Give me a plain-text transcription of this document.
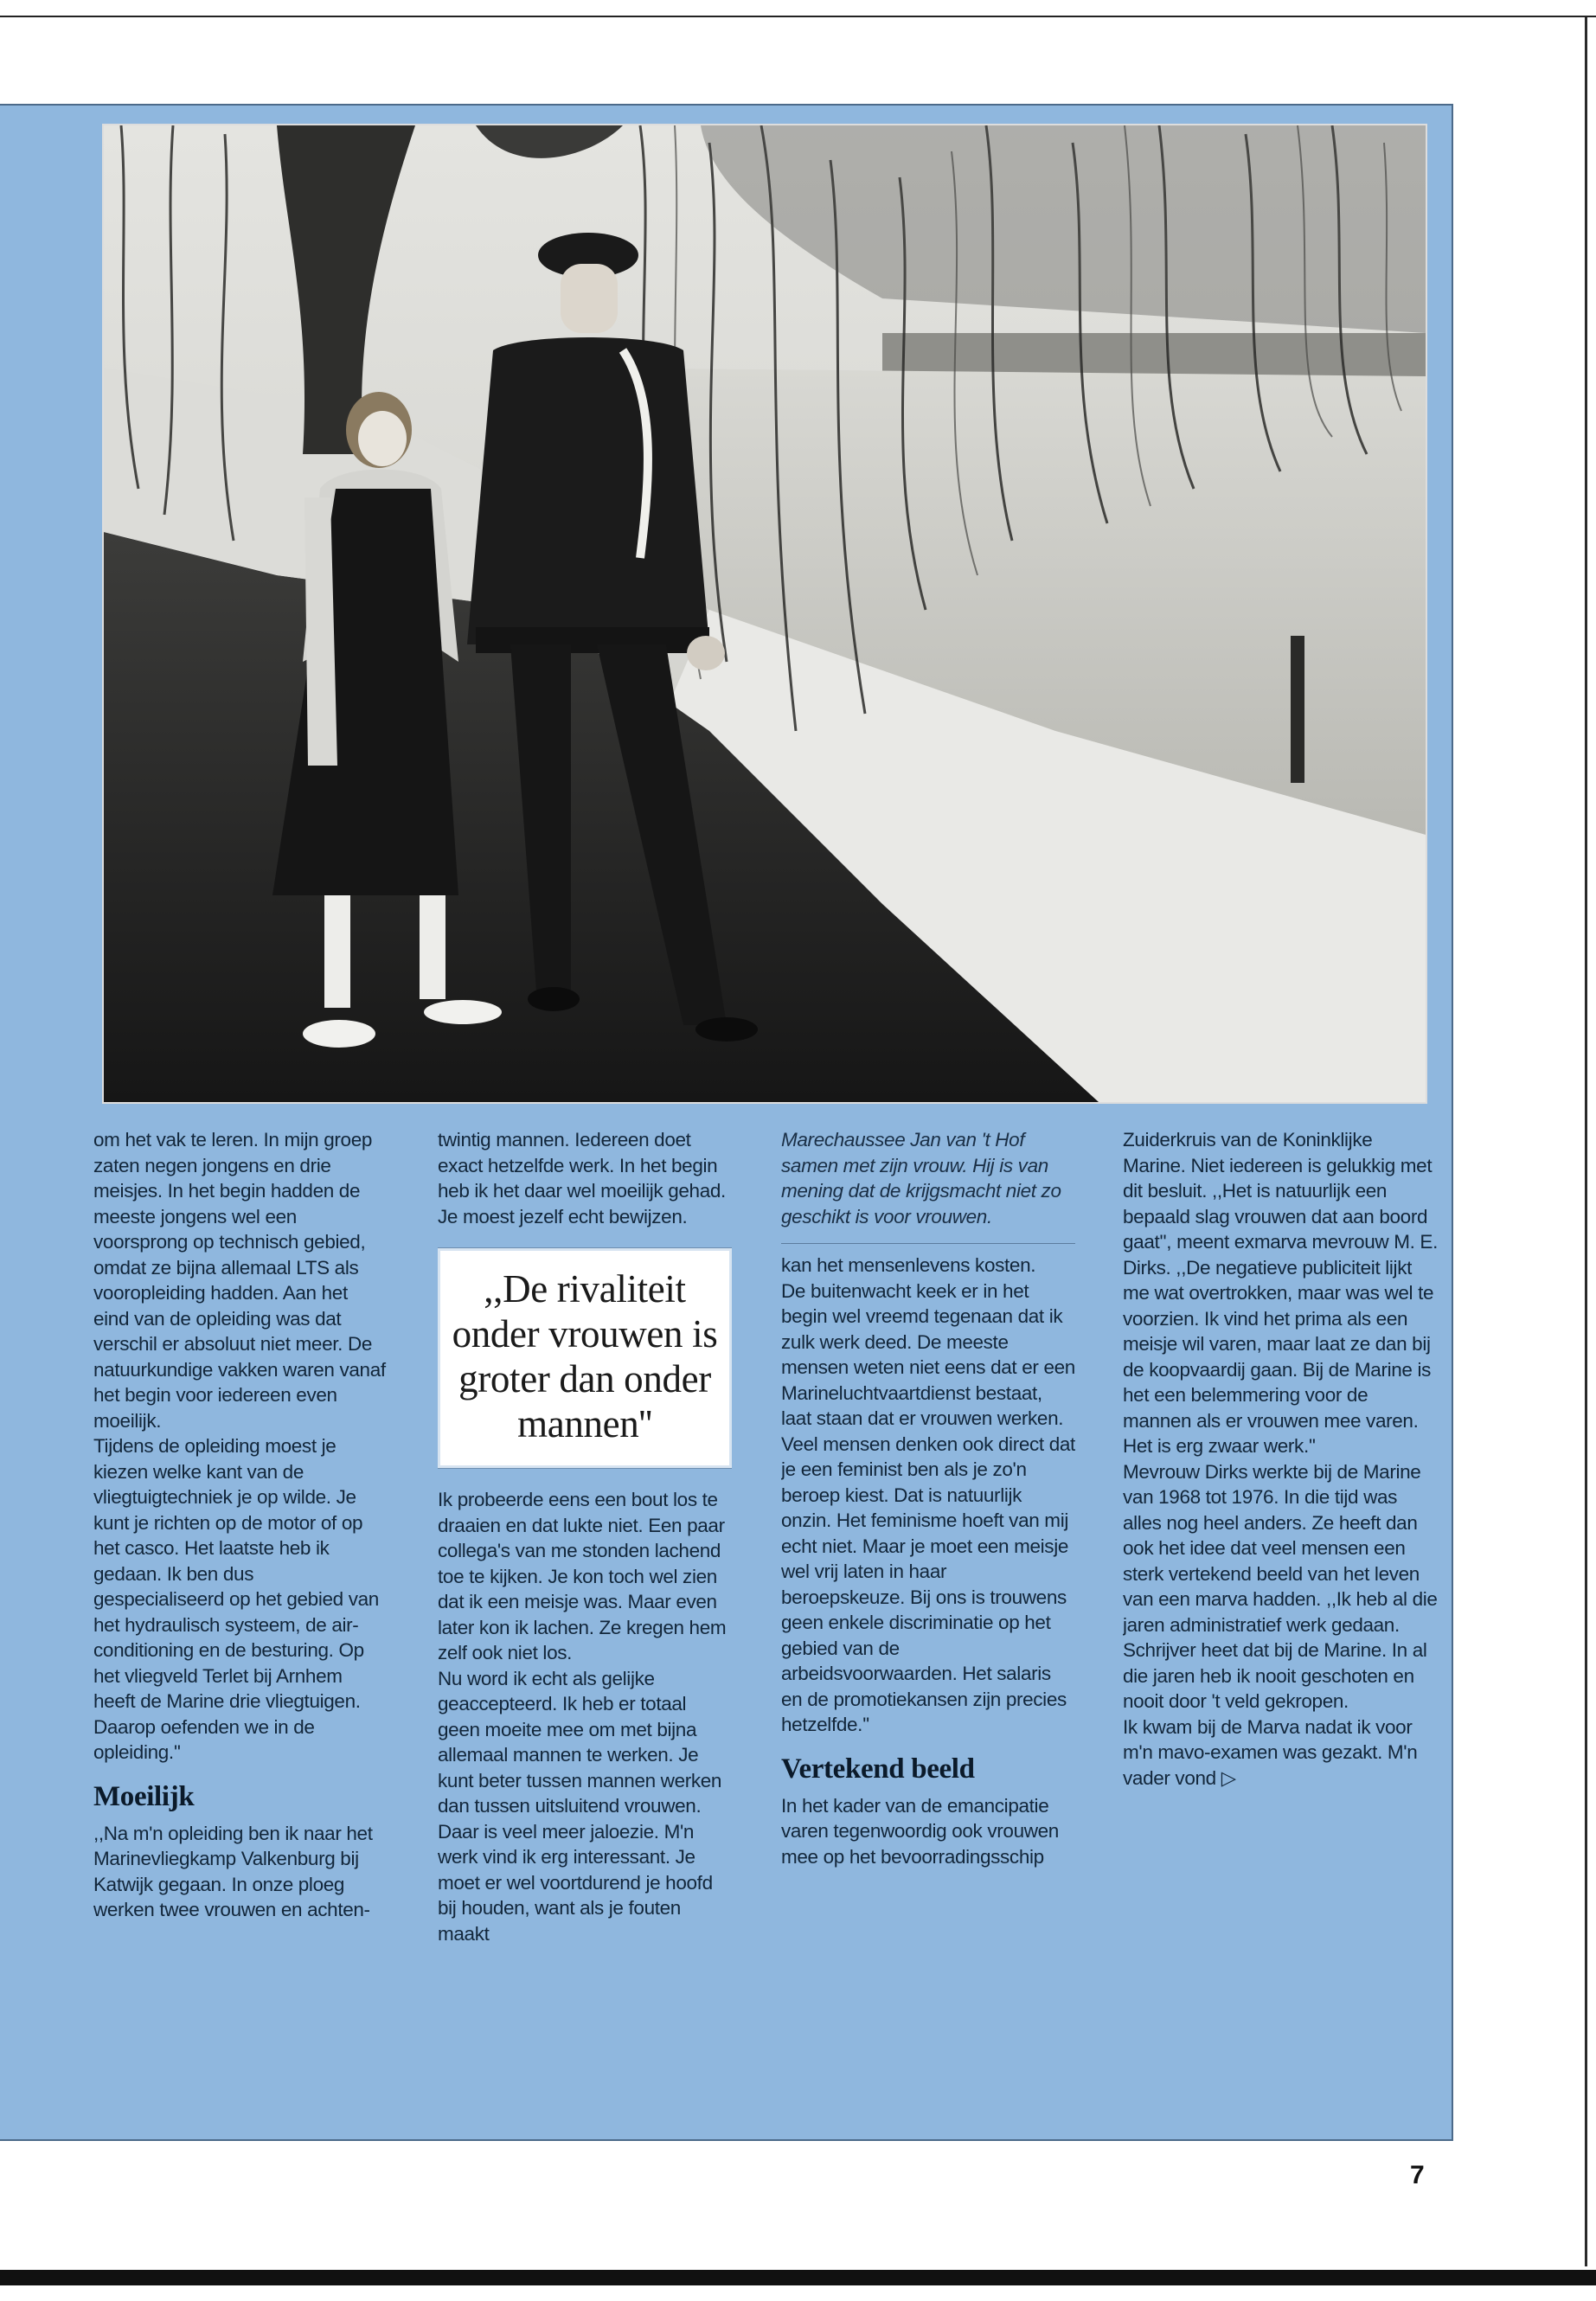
om het vak te leren. In mijn groep zaten negen jongens en drie meisjes. In het begin hadden de meeste jongens wel een voorsprong op technisch gebied, omdat ze bijna allemaal LTS als vooropleiding hadden. Aan het eind van de opleiding was dat verschil er absoluut niet meer. De natuurkundige vakken waren vanaf het begin voor iedereen even moeilijk.

Tijdens de opleiding moest je kiezen welke kant van de vliegtuigtechniek je op wilde. Je kunt je richten op de motor of op het casco. Het laatste heb ik gedaan. Ik ben dus gespecialiseerd op het gebied van het hydraulisch systeem, de air-conditioning en de besturing. Op het vliegveld Terlet bij Arnhem heeft de Marine drie vliegtuigen. Daarop oefenden we in de opleiding.''

Moeilijk

,,Na m'n opleiding ben ik naar het Marinevliegkamp Valkenburg bij Katwijk gegaan. In onze ploeg werken twee vrouwen en achten-

twintig mannen. Iedereen doet exact hetzelfde werk. In het begin heb ik het daar wel moeilijk gehad. Je moest jezelf echt bewijzen.

,,De rivaliteit onder vrouwen is groter dan onder mannen''

Ik probeerde eens een bout los te draaien en dat lukte niet. Een paar collega's van me stonden lachend toe te kijken. Je kon toch wel zien dat ik een meisje was. Maar even later kon ik lachen. Ze kregen hem zelf ook niet los.

Nu word ik echt als gelijke geaccepteerd. Ik heb er totaal geen moeite mee om met bijna allemaal mannen te werken. Je kunt beter tussen mannen werken dan tussen uitsluitend vrouwen. Daar is veel meer jaloezie. M'n werk vind ik erg interessant. Je moet er wel voortdurend je hoofd bij houden, want als je fouten maakt

Marechaussee Jan van 't Hof samen met zijn vrouw. Hij is van mening dat de krijgsmacht niet zo geschikt is voor vrouwen.

kan het mensenlevens kosten.

De buitenwacht keek er in het begin wel vreemd tegenaan dat ik zulk werk deed. De meeste mensen weten niet eens dat er een Marineluchtvaartdienst bestaat, laat staan dat er vrouwen werken. Veel mensen denken ook direct dat je een feminist ben als je zo'n beroep kiest. Dat is natuurlijk onzin. Het feminisme hoeft van mij echt niet. Maar je moet een meisje wel vrij laten in haar beroepskeuze. Bij ons is trouwens geen enkele discriminatie op het gebied van de arbeidsvoorwaarden. Het salaris en de promotiekansen zijn precies hetzelfde.''

Vertekend beeld

In het kader van de emancipatie varen tegenwoordig ook vrouwen mee op het bevoorradingsschip

Zuiderkruis van de Koninklijke Marine. Niet iedereen is gelukkig met dit besluit. ,,Het is natuurlijk een bepaald slag vrouwen dat aan boord gaat'', meent exmarva mevrouw M. E. Dirks. ,,De negatieve publiciteit lijkt me wat overtrokken, maar was wel te voorzien. Ik vind het prima als een meisje wil varen, maar laat ze dan bij de koopvaardij gaan. Bij de Marine is het een belemmering voor de mannen als er vrouwen mee varen. Het is erg zwaar werk.''

Mevrouw Dirks werkte bij de Marine van 1968 tot 1976. In die tijd was alles nog heel anders. Ze heeft dan ook het idee dat veel mensen een sterk vertekend beeld van het leven van een marva hadden. ,,Ik heb al die jaren administratief werk gedaan. Schrijver heet dat bij de Marine. In al die jaren heb ik nooit geschoten en nooit door 't veld gekropen.

Ik kwam bij de Marva nadat ik voor m'n mavo-examen was gezakt. M'n vader vond ▷

7
